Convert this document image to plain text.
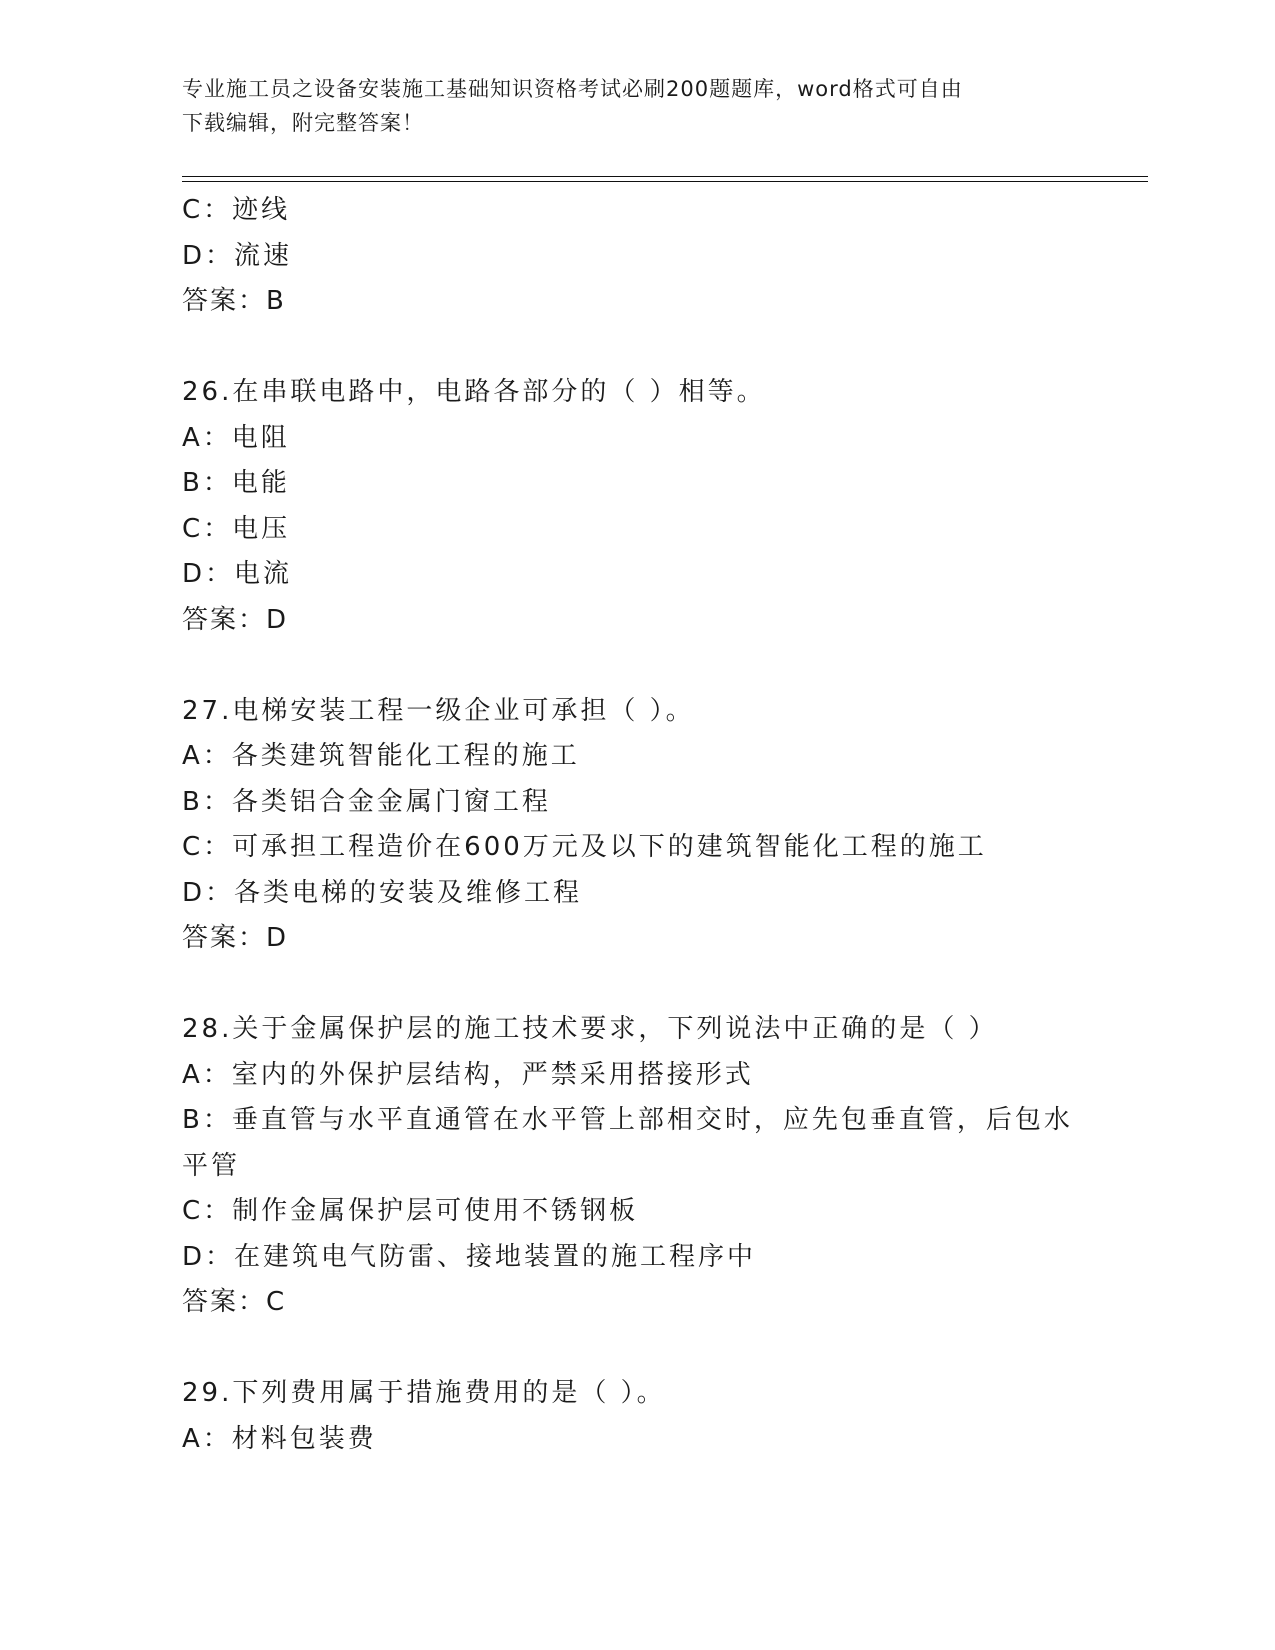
专业施工员之设备安装施工基础知识资格考试必刷200题题库，word格式可自由
下载编辑，附完整答案！
C：迹线
D：流速
答案：B
26.在串联电路中，电路各部分的（ ）相等。
A：电阻
B：电能
C：电压
D：电流
答案：D
27.电梯安装工程一级企业可承担（ ）。
A：各类建筑智能化工程的施工
B：各类铝合金金属门窗工程
C：可承担工程造价在600万元及以下的建筑智能化工程的施工
D：各类电梯的安装及维修工程
答案：D
28.关于金属保护层的施工技术要求，下列说法中正确的是（ ）
A：室内的外保护层结构，严禁采用搭接形式
B：垂直管与水平直通管在水平管上部相交时，应先包垂直管，后包水
平管
C：制作金属保护层可使用不锈钢板
D：在建筑电气防雷、接地装置的施工程序中
答案：C
29.下列费用属于措施费用的是（ ）。
A：材料包装费
